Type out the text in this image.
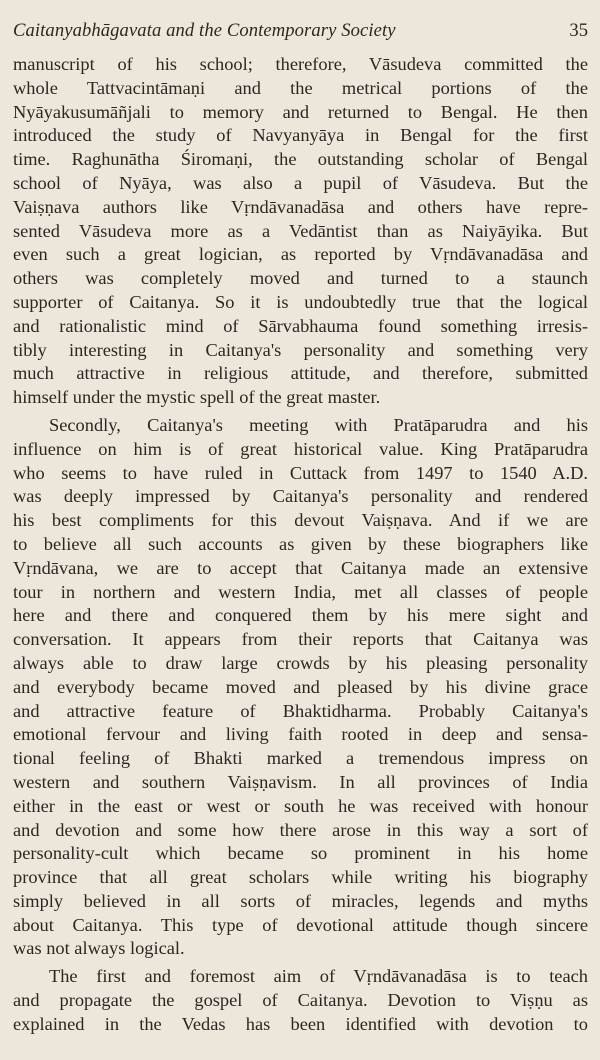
Caitanyabhāgavata and the Contemporary Society	35
manuscript of his school; therefore, Vāsudeva committed the
whole Tattvacintāmaṇi and the metrical portions of the
Nyāyakusumāñjali to memory and returned to Bengal. He then
introduced the study of Navyanyāya in Bengal for the first
time. Raghunātha Śiromaṇi, the outstanding scholar of Bengal
school of Nyāya, was also a pupil of Vāsudeva. But the
Vaiṣṇava authors like Vṛndāvanadāsa and others have repre-
sented Vāsudeva more as a Vedāntist than as Naiyāyika. But
even such a great logician, as reported by Vṛndāvanadāsa and
others was completely moved and turned to a staunch
supporter of Caitanya. So it is undoubtedly true that the logical
and rationalistic mind of Sārvabhauma found something irresis-
tibly interesting in Caitanya's personality and something very
much attractive in religious attitude, and therefore, submitted
himself under the mystic spell of the great master.
Secondly, Caitanya's meeting with Pratāparudra and his
influence on him is of great historical value. King Pratāparudra
who seems to have ruled in Cuttack from 1497 to 1540 A.D.
was deeply impressed by Caitanya's personality and rendered
his best compliments for this devout Vaiṣṇava. And if we are
to believe all such accounts as given by these biographers like
Vṛndāvana, we are to accept that Caitanya made an extensive
tour in northern and western India, met all classes of people
here and there and conquered them by his mere sight and
conversation. It appears from their reports that Caitanya was
always able to draw large crowds by his pleasing personality
and everybody became moved and pleased by his divine grace
and attractive feature of Bhaktidharma. Probably Caitanya's
emotional fervour and living faith rooted in deep and sensa-
tional feeling of Bhakti marked a tremendous impress on
western and southern Vaiṣṇavism. In all provinces of India
either in the east or west or south he was received with honour
and devotion and some how there arose in this way a sort of
personality-cult which became so prominent in his home
province that all great scholars while writing his biography
simply believed in all sorts of miracles, legends and myths
about Caitanya. This type of devotional attitude though sincere
was not always logical.
The first and foremost aim of Vṛndāvanadāsa is to teach
and propagate the gospel of Caitanya. Devotion to Viṣṇu as
explained in the Vedas has been identified with devotion to
